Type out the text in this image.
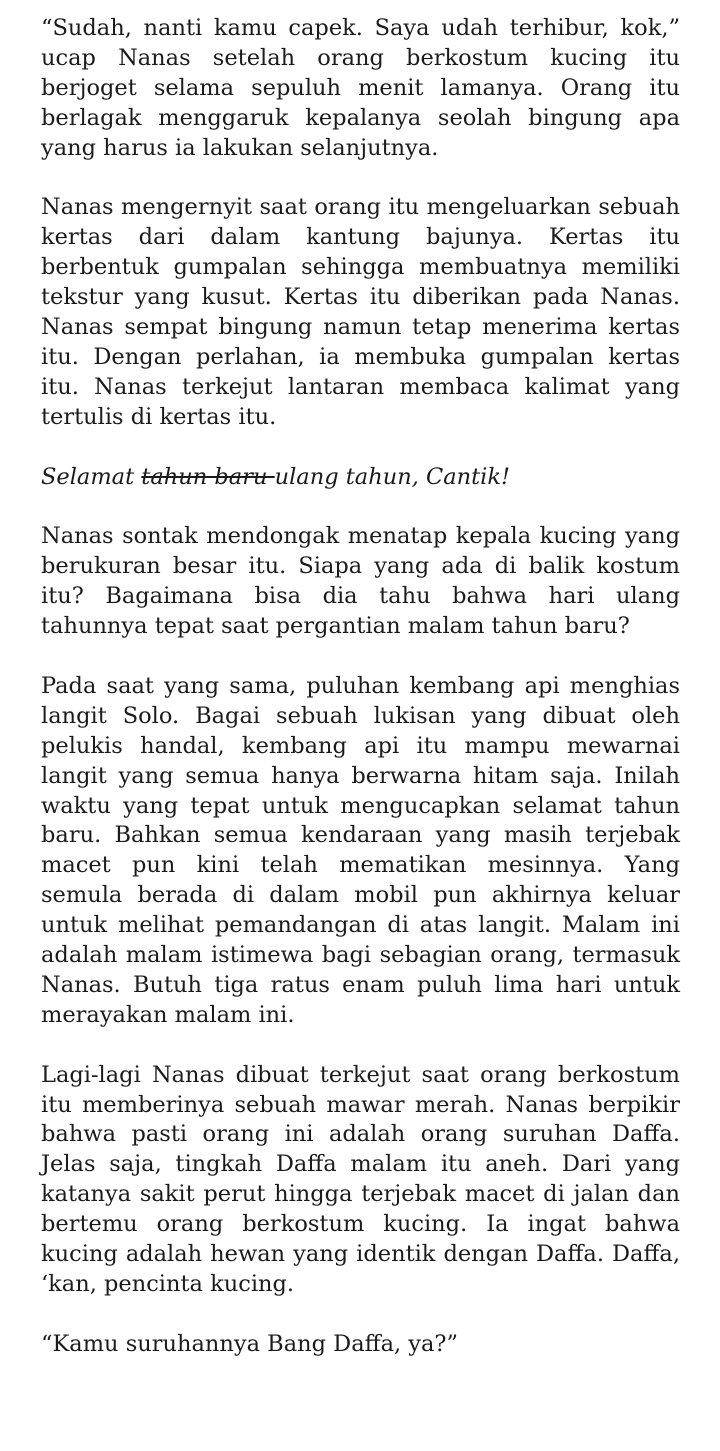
“Sudah, nanti kamu capek. Saya udah terhibur, kok,” ucap Nanas setelah orang berkostum kucing itu berjoget selama sepuluh menit lamanya. Orang itu berlagak menggaruk kepalanya seolah bingung apa yang harus ia lakukan selanjutnya.

Nanas mengernyit saat orang itu mengeluarkan sebuah kertas dari dalam kantung bajunya. Kertas itu berbentuk gumpalan sehingga membuatnya memiliki tekstur yang kusut. Kertas itu diberikan pada Nanas. Nanas sempat bingung namun tetap menerima kertas itu. Dengan perlahan, ia membuka gumpalan kertas itu. Nanas terkejut lantaran membaca kalimat yang tertulis di kertas itu.

Selamat tahun baru ulang tahun, Cantik!

Nanas sontak mendongak menatap kepala kucing yang berukuran besar itu. Siapa yang ada di balik kostum itu? Bagaimana bisa dia tahu bahwa hari ulang tahunnya tepat saat pergantian malam tahun baru?

Pada saat yang sama, puluhan kembang api menghias langit Solo. Bagai sebuah lukisan yang dibuat oleh pelukis handal, kembang api itu mampu mewarnai langit yang semua hanya berwarna hitam saja. Inilah waktu yang tepat untuk mengucapkan selamat tahun baru. Bahkan semua kendaraan yang masih terjebak macet pun kini telah mematikan mesinnya. Yang semula berada di dalam mobil pun akhirnya keluar untuk melihat pemandangan di atas langit. Malam ini adalah malam istimewa bagi sebagian orang, termasuk Nanas. Butuh tiga ratus enam puluh lima hari untuk merayakan malam ini.

Lagi-lagi Nanas dibuat terkejut saat orang berkostum itu memberinya sebuah mawar merah. Nanas berpikir bahwa pasti orang ini adalah orang suruhan Daffa. Jelas saja, tingkah Daffa malam itu aneh. Dari yang katanya sakit perut hingga terjebak macet di jalan dan bertemu orang berkostum kucing. Ia ingat bahwa kucing adalah hewan yang identik dengan Daffa. Daffa, ‘kan, pencinta kucing.

“Kamu suruhannya Bang Daffa, ya?”
